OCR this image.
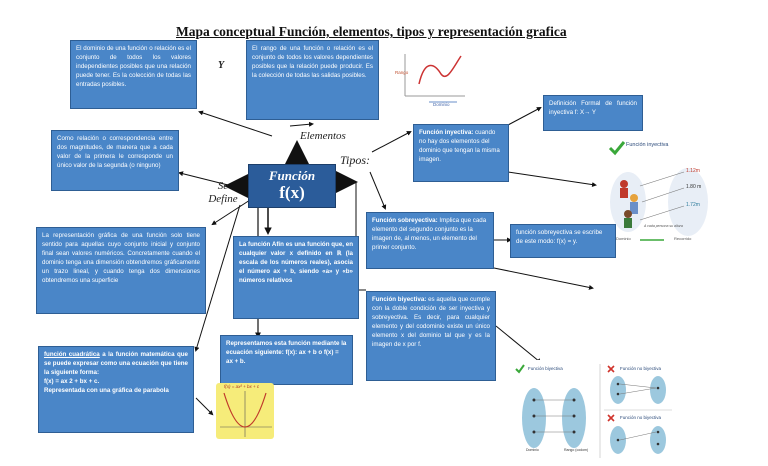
Mapa conceptual Función, elementos, tipos y representación grafica
Y
Elementos
Tipos:
Se Define
Función
f(x)
El dominio de una función o relación es el conjunto de todos los valores independientes posibles que una relación puede tener. Es la colección de todas las entradas posibles.
El rango de una función o relación es el conjunto de todos los valores dependientes posibles que la relación puede producir. Es la colección de todas las salidas posibles.	Rango
Dominio
Como relación o correspondencia entre dos magnitudes, de manera que a cada valor de la primera le corresponde un único valor de la segunda (o ninguno)
La representación gráfica de una función solo tiene sentido para aquellas cuyo conjunto inicial y conjunto final sean valores numéricos. Concretamente cuando el dominio tenga una dimensión obtendremos gráficamente un trazo lineal, y cuando tenga dos dimensiones obtendremos una superficie
La función Afín es una función que, en cualquier valor x definido en ℝ (la escala de los números reales), asocia el número ax + b, siendo «a» y «b» números relativos
Representamos esta función mediante la ecuación siguiente: f(x): ax + b o f(x) = ax + b.
función cuadrática a la función matemática que se puede expresar como una ecuación que tiene la siguiente forma:
f(x) = ax 2 + bx + c.
Representada con una gráfica de parabola
f(x) = ax² + bx + c
Función inyectiva: cuando no hay dos elementos del dominio que tengan la misma imagen.
Definición Formal de función inyectiva f: X→ Y
Función inyectiva
1.12m
1.80 m
1.72m
A cada persona su altura
Dominio	Recorrido
Función sobreyectiva: Implica que cada elemento del segundo conjunto es la imagen de, al menos, un elemento del primer conjunto.
función sobreyectiva se escribe de este modo: f(x) = y.
Función biyectiva: es aquella que cumple con la doble condición de ser inyectiva y sobreyectiva. Es decir, para cualquier elemento y del codominio existe un único elemento x del dominio tal que y es la imagen de x por f.
Función biyectiva	Función no biyectiva
Función no biyectiva
Dominio	Rango (codom)
